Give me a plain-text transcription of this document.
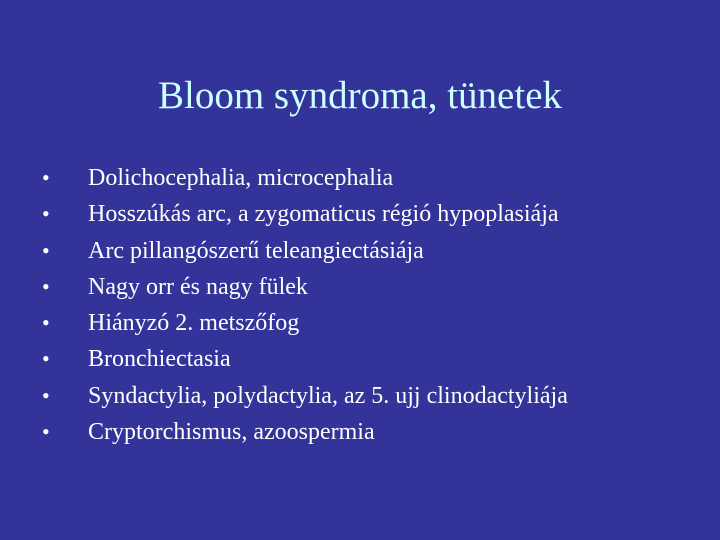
Bloom syndroma, tünetek
•	Dolichocephalia, microcephalia
•	Hosszúkás arc, a zygomaticus régió hypoplasiája
•	Arc pillangószerű teleangiectásiája
•	Nagy orr és nagy fülek
•	Hiányzó 2. metszőfog
•	Bronchiectasia
•	Syndactylia, polydactylia, az 5. ujj clinodactyliája
•	Cryptorchismus, azoospermia
